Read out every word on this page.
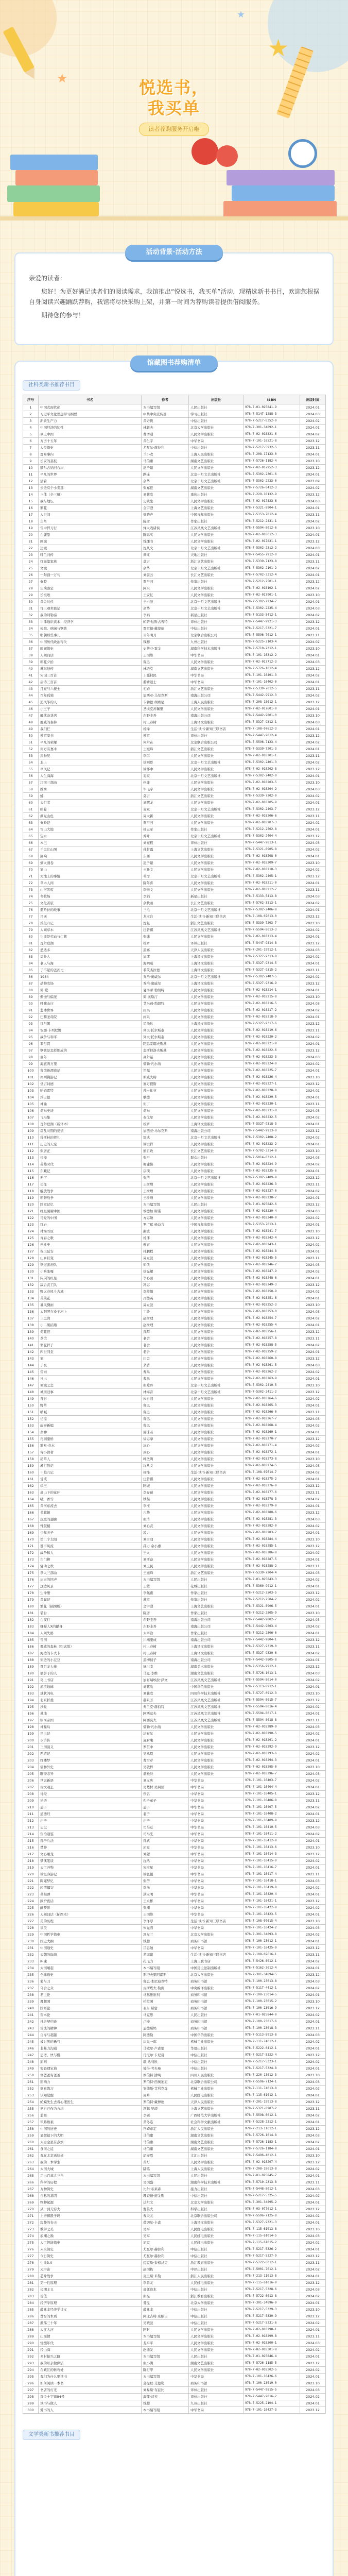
★
★
★
悦选书，
我买单
读者荐购服务开启啦
活动背景·活动方法

亲爱的读者：

您好！为更好满足读者们的阅读需求，我馆推出“悦选书，我买单”活动，现精选新书书目，欢迎您根据自身阅读兴趣踊跃荐购，我馆将尽快采购上架，并第一时间为荐购读者提供借阅服务。

期待您的参与！

馆藏图书荐购清单
社科类新书推荐书目
序号	书名	作者	出版社	ISBN	出版时间
1	中国式现代化	本书编写组	人民出版社	978-7-01-025841-9	2024.01
2	习近平文化思想学习纲要	中共中央宣传部	学习出版社	978-7-5147-1288-3	2024.03
3	新质生产力	黄奇帆	中信出版社	978-7-5217-6352-0	2024.02
4	中国经济的韧性	林毅夫	北京大学出版社	978-7-301-34892-1	2024.01
5	乡土中国	费孝通	人民文学出版社	978-7-02-018321-6	2024.02
6	万历十五年	黄仁宇	中华书局	978-7-101-16521-8	2023.12
7	人类简史	尤瓦尔·赫拉利	中信出版社	978-7-5217-5932-5	2023.11
8	置身事内	兰小欢	上海人民出版社	978-7-208-17133-0	2024.01
9	长安的荔枝	马伯庸	湖南文艺出版社	978-7-5726-1182-4	2023.10
10	额尔古纳河右岸	迟子建	人民文学出版社	978-7-02-017952-3	2023.12
11	平凡的世界	路遥	北京十月文艺出版社	978-7-5302-2301-6	2024.01
12	活着	余华	北京十月文艺出版社	978-7-5302-2233-0	2023.09
13	云边有个小卖部	张嘉佳	湖南文艺出版社	978-7-5726-0412-3	2024.02
14	三体（全三册）	刘慈欣	重庆出版社	978-7-229-18132-9	2023.12
15	我与地坛	史铁生	人民文学出版社	978-7-02-017823-6	2024.03
16	繁花	金宇澄	上海文艺出版社	978-7-5321-8904-1	2024.01
17	人世间	梁晓声	中国青年出版社	978-7-5153-7012-4	2023.11
18	主角	陈彦	作家出版社	978-7-5212-2431-1	2024.02
19	雪中悍刀行	烽火戏诸侯	江苏凤凰文艺出版社	978-7-5594-8012-6	2023.10
20	白鹿原	陈忠实	人民文学出版社	978-7-02-018012-3	2024.01
21	围城	钱锺书	人民文学出版社	978-7-02-017831-1	2023.12
22	边城	沈从文	北京十月文艺出版社	978-7-5302-2312-2	2024.03
23	呼兰河传	萧红	天地出版社	978-7-5455-7912-0	2024.01
24	红高粱家族	莫言	浙江文艺出版社	978-7-5339-7123-8	2023.11
25	文城	余华	北京十月文艺出版社	978-7-5302-2101-2	2024.02
26	一句顶一万句	刘震云	长江文艺出版社	978-7-5702-3312-4	2024.01
27	秦腔	贾平凹	作家出版社	978-7-5212-2501-1	2023.12
28	尘埃落定	阿来	人民文学出版社	978-7-02-018102-1	2024.02
29	长恨歌	王安忆	人民文学出版社	978-7-02-017901-1	2023.10
30	黄金时代	王小波	北京十月文艺出版社	978-7-5302-2234-7	2024.01
31	许三观卖血记	余华	北京十月文艺出版社	978-7-5302-2235-4	2024.03
32	我的阿勒泰	李娟	新星出版社	978-7-5133-5412-1	2024.02
33	牛津通识读本：经济学	帕萨·达斯古普特	译林出版社	978-7-5447-9921-3	2023.12
34	枪炮、病菌与钢铁	贾雷德·戴蒙德	中信出版社	978-7-5217-5321-7	2024.01
35	明朝那些事儿	当年明月	北京联合出版公司	978-7-5596-7012-1	2023.11
36	中国历代政治得失	钱穆	九州出版社	978-7-5225-2103-4	2024.02
37	时间简史	史蒂芬·霍金	湖南科学技术出版社	978-7-5710-2312-1	2023.10
38	人间词话	王国维	中华书局	978-7-101-16312-2	2024.01
39	朝花夕拾	鲁迅	人民文学出版社	978-7-02-017712-3	2024.03
40	苏东坡传	林语堂	湖南文艺出版社	978-7-5726-1012-4	2023.12
41	宋词三百首	上彊村民	中华书局	978-7-101-16401-3	2024.02
42	唐诗三百首	蘅塘退士	中华书局	978-7-101-16402-0	2024.01
43	月亮与六便士	毛姆	浙江文艺出版社	978-7-5339-7012-5	2023.11
44	百年孤独	加西亚·马尔克斯	南海出版公司	978-7-5442-9912-3	2024.02
45	追风筝的人	卡勒德·胡赛尼	上海人民出版社	978-7-208-18012-1	2023.12
46	小王子	圣埃克苏佩里	人民文学出版社	978-7-02-017601-0	2024.01
47	解忧杂货店	东野圭吾	南海出版公司	978-7-5442-9801-0	2023.10
48	挪威的森林	村上春树	上海译文出版社	978-7-5327-9312-1	2024.03
49	我们仨	杨绛	生活·读书·新知三联书店	978-7-108-07612-3	2024.01
50	傅雷家书	傅雷	译林出版社	978-7-5447-9812-4	2023.12
51	平凡的荣耀	何常在	北京联合出版公司	978-7-5596-7123-4	2024.02
52	南方有嘉木	王旭烽	浙江文艺出版社	978-7-5339-7201-3	2024.01
53	应物兄	李洱	人民文学出版社	978-7-02-018201-1	2023.11
54	北上	徐则臣	北京十月文艺出版社	978-7-5302-2401-3	2024.02
55	牵风记	徐怀中	人民文学出版社	978-7-02-018202-8	2023.12
56	人生海海	麦家	北京十月文艺出版社	978-7-5302-2402-0	2024.01
57	江南三部曲	格非	人民文学出版社	978-7-02-018203-5	2023.10
58	推拿	毕飞宇	人民文学出版社	978-7-02-018204-2	2024.03
59	蛙	莫言	浙江文艺出版社	978-7-5339-7202-0	2024.02
60	天行者	刘醒龙	人民文学出版社	978-7-02-018205-9	2024.01
61	暗算	麦家	北京十月文艺出版社	978-7-5302-2403-7	2023.12
62	湖光山色	周大新	人民文学出版社	978-7-02-018206-6	2023.11
63	秦岭记	贾平凹	人民文学出版社	978-7-02-018207-3	2024.02
64	雪山大地	杨志军	作家出版社	978-7-5212-2502-8	2024.01
65	宝水	乔叶	北京十月文艺出版社	978-7-5302-2404-4	2023.12
66	本巴	刘亮程	译林出版社	978-7-5447-9813-1	2024.03
67	千里江山图	孙甘露	上海文艺出版社	978-7-5321-8905-8	2024.02
68	回响	东西	人民文学出版社	978-7-02-018208-0	2024.01
69	烟火漫卷	迟子建	人民文学出版社	978-7-02-018209-7	2023.10
70	家山	王跃文	人民文学出版社	978-7-02-018210-3	2024.02
71	大地上的事情	苇岸	北京十月文艺出版社	978-7-5302-2405-1	2023.12
72	草木人间	陈年喜	人民文学出版社	978-7-02-018211-0	2024.01
73	山河袈裟	李修文	人民文学出版社	978-7-02-018212-7	2023.11
74	冬牧场	李娟	新星出版社	978-7-5133-5413-8	2024.03
75	文化苦旅	余秋雨	长江文艺出版社	978-7-5702-3313-1	2024.02
76	撒哈拉的故事	三毛	北京十月文艺出版社	978-7-5302-2406-8	2024.01
77	目送	龙应台	生活·读书·新知三联书店	978-7-108-07613-0	2023.12
78	浮生六记	沈复	浙江文艺出版社	978-7-5339-7203-7	2023.10
79	人间草木	汪曾祺	江苏凤凰文艺出版社	978-7-5594-8013-3	2024.02
80	生命是劳动与仁慈	张炜	人民文学出版社	978-7-02-018213-4	2024.01
81	瓦尔登湖	梭罗	译林出版社	978-7-5447-9814-8	2023.12
82	悉达多	黑塞	天津人民出版社	978-7-201-19912-1	2024.03
83	局外人	加缪	上海译文出版社	978-7-5327-9313-8	2024.02
84	老人与海	海明威	上海译文出版社	978-7-5327-9314-5	2024.01
85	了不起的盖茨比	菲茨杰拉德	上海译文出版社	978-7-5327-9315-2	2023.11
86	1984	乔治·奥威尔	北京十月文艺出版社	978-7-5302-2407-5	2024.02
87	动物农场	乔治·奥威尔	上海译文出版社	978-7-5327-9316-9	2023.12
88	简·爱	夏洛蒂·勃朗特	人民文学出版社	978-7-02-018214-1	2024.01
89	傲慢与偏见	简·奥斯汀	人民文学出版社	978-7-02-018215-8	2023.10
90	呼啸山庄	艾米莉·勃朗特	人民文学出版社	978-7-02-018216-5	2024.03
91	悲惨世界	雨果	人民文学出版社	978-7-02-018217-2	2024.02
92	巴黎圣母院	雨果	人民文学出版社	978-7-02-018218-9	2024.01
93	红与黑	司汤达	上海译文出版社	978-7-5327-9317-6	2023.12
94	安娜·卡列尼娜	列夫·托尔斯泰	人民文学出版社	978-7-02-018219-6	2023.11
95	战争与和平	列夫·托尔斯泰	人民文学出版社	978-7-02-018220-2	2024.02
96	罪与罚	陀思妥耶夫斯基	人民文学出版社	978-7-02-018221-9	2024.01
97	钢铁是怎样炼成的	奥斯特洛夫斯基	人民文学出版社	978-7-02-018222-6	2023.12
98	童年	高尔基	人民文学出版社	978-7-02-018223-3	2024.03
99	海底两万里	儒勒·凡尔纳	人民文学出版社	978-7-02-018224-0	2024.02
100	鲁滨逊漂流记	笛福	人民文学出版社	978-7-02-018225-7	2024.01
101	格列佛游记	斯威夫特	人民文学出版社	978-7-02-018226-4	2023.10
102	堂吉诃德	塞万提斯	人民文学出版社	978-7-02-018227-1	2023.12
103	哈姆雷特	莎士比亚	人民文学出版社	978-7-02-018228-8	2024.02
104	浮士德	歌德	人民文学出版社	978-7-02-018229-5	2024.01
105	神曲	但丁	人民文学出版社	978-7-02-018230-1	2023.11
106	荷马史诗	荷马	人民文学出版社	978-7-02-018231-8	2024.03
107	飞鸟集	泰戈尔	人民文学出版社	978-7-02-018232-5	2024.02
108	瓦尔登湖（新译本）	梭罗	上海译文出版社	978-7-5327-9318-3	2024.01
109	霍乱时期的爱情	加西亚·马尔克斯	南海出版公司	978-7-5442-9913-0	2023.12
110	穆斯林的葬礼	霍达	北京十月文艺出版社	978-7-5302-2408-2	2024.02
111	历史的天空	徐贵祥	人民文学出版社	978-7-02-018233-2	2024.01
112	张居正	熊召政	长江文艺出版社	978-7-5702-3314-8	2023.10
113	抉择	张平	群众出版社	978-7-5014-6312-1	2024.03
114	英雄时代	柳建伟	人民文学出版社	978-7-02-018234-9	2024.02
115	东藏记	宗璞	人民文学出版社	978-7-02-018235-6	2024.01
116	无字	张洁	北京十月文艺出版社	978-7-5302-2409-9	2023.12
117	长征	王树增	人民文学出版社	978-7-02-018236-3	2023.11
118	解放战争	王树增	人民文学出版社	978-7-02-018237-0	2024.02
119	朝鲜战争	王树增	人民文学出版社	978-7-02-018238-7	2024.01
120	国家记忆	本书编写组	人民出版社	978-7-01-025842-6	2023.12
121	红星照耀中国	埃德加·斯诺	人民文学出版社	978-7-02-018239-4	2024.03
122	可爱的中国	方志敏	人民文学出版社	978-7-02-018240-0	2024.02
123	红岩	罗广斌 杨益言	中国青年出版社	978-7-5153-7013-1	2024.01
124	林海雪原	曲波	人民文学出版社	978-7-02-018241-7	2023.10
125	青春之歌	杨沫	人民文学出版社	978-7-02-018242-4	2023.12
126	创业史	柳青	人民文学出版社	978-7-02-018243-1	2024.02
127	保卫延安	杜鹏程	人民文学出版社	978-7-02-018244-8	2024.01
128	山乡巨变	周立波	人民文学出版社	978-7-02-018245-5	2023.11
129	铁道游击队	知侠	人民文学出版社	978-7-02-018246-2	2024.03
130	小兵张嘎	徐光耀	人民文学出版社	978-7-02-018247-9	2024.02
131	闪闪的红星	李心田	人民文学出版社	978-7-02-018248-6	2024.01
132	敌后武工队	冯志	人民文学出版社	978-7-02-018249-3	2023.12
133	野火春风斗古城	李英儒	人民文学出版社	978-7-02-018250-9	2024.02
134	苦菜花	冯德英	人民文学出版社	978-7-02-018251-6	2024.01
135	暴风骤雨	周立波	人民文学出版社	978-7-02-018252-3	2023.10
136	太阳照在桑干河上	丁玲	人民文学出版社	978-7-02-018253-0	2024.03
137	三里湾	赵树理	人民文学出版社	978-7-02-018254-7	2024.02
138	小二黑结婚	赵树理	人民文学出版社	978-7-02-018255-4	2024.01
139	荷花淀	孙犁	人民文学出版社	978-7-02-018256-1	2023.12
140	茶馆	老舍	人民文学出版社	978-7-02-018257-8	2023.11
141	骆驼祥子	老舍	人民文学出版社	978-7-02-018258-5	2024.02
142	四世同堂	老舍	人民文学出版社	978-7-02-018259-2	2024.01
143	家	巴金	人民文学出版社	978-7-02-018260-8	2023.12
144	子夜	茅盾	人民文学出版社	978-7-02-018261-5	2024.03
145	雷雨	曹禺	人民文学出版社	978-7-02-018262-2	2024.02
146	日出	曹禺	人民文学出版社	978-7-02-018263-9	2024.01
147	倾城之恋	张爱玲	北京十月文艺出版社	978-7-5302-2410-5	2023.10
148	城南旧事	林海音	北京十月文艺出版社	978-7-5302-2411-2	2023.12
149	背影	朱自清	人民文学出版社	978-7-02-018264-6	2024.02
150	野草	鲁迅	人民文学出版社	978-7-02-018265-3	2024.01
151	呐喊	鲁迅	人民文学出版社	978-7-02-018266-0	2023.11
152	彷徨	鲁迅	人民文学出版社	978-7-02-018267-7	2024.03
153	故事新编	鲁迅	人民文学出版社	978-7-02-018268-4	2024.02
154	女神	郭沫若	人民文学出版社	978-7-02-018269-1	2024.01
155	再别康桥	徐志摩	人民文学出版社	978-7-02-018270-7	2023.12
156	繁星·春水	冰心	人民文学出版社	978-7-02-018271-4	2024.02
157	寄小读者	冰心	人民文学出版社	978-7-02-018272-1	2024.01
158	稻草人	叶圣陶	人民文学出版社	978-7-02-018273-8	2023.10
159	湘行散记	沈从文	人民文学出版社	978-7-02-018274-5	2024.03
160	干校六记	杨绛	生活·读书·新知三联书店	978-7-108-07614-7	2024.02
161	受戒	汪曾祺	人民文学出版社	978-7-02-018275-2	2024.01
162	棋王	阿城	人民文学出版社	978-7-02-018276-9	2023.12
163	高山下的花环	李存葆	人民文学出版社	978-7-02-018277-6	2023.11
164	哦，香雪	铁凝	人民文学出版社	978-7-02-018278-3	2024.02
165	黄河东流去	李准	人民文学出版社	978-7-02-018279-0	2024.01
166	芙蓉镇	古华	人民文学出版社	978-7-02-018280-6	2023.12
167	沉重的翅膀	张洁	人民文学出版社	978-7-02-018281-3	2024.03
168	钟鼓楼	刘心武	人民文学出版社	978-7-02-018282-0	2024.02
169	少年天子	凌力	人民文学出版社	978-7-02-018283-7	2024.01
170	第二个太阳	刘白羽	人民文学出版社	978-7-02-018284-4	2023.10
171	都市风流	孙力 余小惠	人民文学出版社	978-7-02-018285-1	2023.12
172	战争和人	王火	人民文学出版社	978-7-02-018286-8	2024.02
173	白门柳	刘斯奋	人民文学出版社	978-7-02-018287-5	2024.01
174	骚动之秋	刘玉民	人民文学出版社	978-7-02-018288-2	2023.11
175	茶人三部曲	王旭烽	浙江文艺出版社	978-7-5339-7204-4	2024.03
176	历史的回声	本书编写组	人民出版社	978-7-01-025843-3	2024.02
177	这边风景	王蒙	花城出版社	978-7-5360-9912-1	2024.01
178	生命册	李佩甫	作家出版社	978-7-5212-2503-5	2023.12
179	黄雀记	苏童	作家出版社	978-7-5212-2504-2	2024.02
180	繁花（插图版）	金宇澄	上海文艺出版社	978-7-5321-8906-5	2024.01
181	装台	陈彦	作家出版社	978-7-5212-2505-9	2023.10
182	白夜行	东野圭吾	南海出版公司	978-7-5442-9802-7	2024.03
183	嫌疑人X的献身	东野圭吾	南海出版公司	978-7-5442-9803-4	2024.02
184	人间失格	太宰治	作家出版社	978-7-5212-2506-6	2024.01
185	雪国	川端康成	南海出版公司	978-7-5442-9804-1	2023.12
186	挪威的森林（纪念版）	村上春树	上海译文出版社	978-7-5327-9319-0	2023.11
187	海边的卡夫卡	村上春树	上海译文出版社	978-7-5327-9320-6	2024.02
188	窗边的小豆豆	黑柳彻子	南海出版公司	978-7-5442-9805-8	2024.01
189	夏目友人帐	绿川幸	湖南美术出版社	978-7-5356-9912-1	2023.12
190	偷影子的人	马克·李维	湖南文艺出版社	978-7-5726-1013-1	2024.03
191	岛上书店	加布瑞埃拉·泽文	江苏凤凰文艺出版社	978-7-5594-8014-0	2024.02
192	流浪地球	刘慈欣	中国华侨出版社	978-7-5113-8912-1	2024.01
193	球状闪电	刘慈欣	四川科学技术出版社	978-7-5727-0912-3	2023.10
194	北京折叠	郝景芳	江苏凤凰文艺出版社	978-7-5594-8015-7	2023.12
195	沙丘	弗兰克·赫伯特	江苏凤凰文艺出版社	978-7-5594-8016-4	2024.02
196	基地	阿西莫夫	江苏凤凰文艺出版社	978-7-5594-8017-1	2024.01
197	银河帝国	阿西莫夫	江苏凤凰文艺出版社	978-7-5594-8018-8	2023.11
198	神秘岛	儒勒·凡尔纳	人民文学出版社	978-7-02-018289-9	2024.03
199	昆虫记	法布尔	人民文学出版社	978-7-02-018290-5	2024.02
200	水浒传	施耐庵	人民文学出版社	978-7-02-018291-2	2024.01
201	三国演义	罗贯中	人民文学出版社	978-7-02-018292-9	2023.12
202	西游记	吴承恩	人民文学出版社	978-7-02-018293-6	2024.02
203	红楼梦	曹雪芹	人民文学出版社	978-7-02-018294-3	2024.01
204	儒林外史	吴敬梓	人民文学出版社	978-7-02-018295-0	2023.10
205	聊斋志异	蒲松龄	人民文学出版社	978-7-02-018296-7	2024.03
206	世说新语	刘义庆	中华书局	978-7-101-16403-7	2024.02
207	古文观止	吴楚材 吴调侯	中华书局	978-7-101-16404-4	2024.01
208	诗经	佚名	中华书局	978-7-101-16405-1	2023.12
209	论语	孔子弟子	中华书局	978-7-101-16406-8	2023.11
210	孟子	孟子	中华书局	978-7-101-16407-5	2024.02
211	道德经	老子	中华书局	978-7-101-16408-2	2024.01
212	庄子	庄子	中华书局	978-7-101-16409-9	2023.12
213	史记	司马迁	中华书局	978-7-101-16410-5	2024.03
214	资治通鉴	司马光	中华书局	978-7-101-16411-2	2024.02
215	孙子兵法	孙武	中华书局	978-7-101-16412-9	2024.01
216	楚辞	屈原	中华书局	978-7-101-16413-6	2023.10
217	文心雕龙	刘勰	中华书局	978-7-101-16414-3	2023.12
218	梦溪笔谈	沈括	中华书局	978-7-101-16415-0	2024.02
219	天工开物	宋应星	中华书局	978-7-101-16416-7	2024.01
220	徐霞客游记	徐弘祖	中华书局	978-7-101-16417-4	2023.11
221	陶庵梦忆	张岱	中华书局	978-7-101-16418-1	2024.03
222	闲情偶寄	李渔	中华书局	978-7-101-16419-8	2024.02
223	菜根谭	洪应明	中华书局	978-7-101-16420-4	2024.01
224	围炉夜话	王永彬	中华书局	978-7-101-16421-1	2023.12
225	幽梦影	张潮	中华书局	978-7-101-16422-8	2024.02
226	人间词话（插图本）	王国维	中华书局	978-7-101-16423-5	2024.01
227	美的历程	李泽厚	生活·读书·新知三联书店	978-7-108-07615-4	2023.10
228	谈美	朱光潜	中华书局	978-7-101-16424-2	2024.03
229	中国哲学简史	冯友兰	北京大学出版社	978-7-301-34893-8	2024.02
230	国史大纲	钱穆	商务印书馆	978-7-100-23012-1	2024.01
231	中国通史	吕思勉	中华书局	978-7-101-16425-9	2023.12
232	天朝的崩溃	茅海建	生活·读书·新知三联书店	978-7-108-07616-1	2023.11
233	叫魂	孔飞力	上海三联书店	978-7-5426-8012-1	2024.02
234	大国崛起	本书编写组	中国民主法制出版社	978-7-5162-3012-4	2024.01
235	全球通史	斯塔夫里阿诺斯	北京大学出版社	978-7-301-34894-5	2023.12
236	菊与刀	鲁思·本尼迪克特	商务印书馆	978-7-100-23013-8	2024.03
237	乌合之众	古斯塔夫·勒庞	中央编译出版社	978-7-5117-4412-1	2024.02
238	君主论	马基雅维利	商务印书馆	978-7-100-23014-5	2024.01
239	理想国	柏拉图	商务印书馆	978-7-100-23015-2	2023.10
240	国富论	亚当·斯密	商务印书馆	978-7-100-23016-9	2023.12
241	资本论	马克思	人民出版社	978-7-01-025844-0	2024.02
242	社会契约论	卢梭	商务印书馆	978-7-100-23017-6	2024.01
243	论法的精神	孟德斯鸠	商务印书馆	978-7-100-23018-3	2023.11
244	自卑与超越	阿德勒	中国华侨出版社	978-7-5113-8913-8	2024.03
245	被讨厌的勇气	岸见一郎	机械工业出版社	978-7-111-74012-1	2024.02
246	非暴力沟通	马歇尔·卢森堡	华夏出版社	978-7-5222-0412-1	2024.01
247	思考，快与慢	丹尼尔·卡尼曼	中信出版社	978-7-5217-5322-4	2023.12
248	原则	瑞·达利欧	中信出版社	978-7-5217-5323-1	2024.02
249	穷查理宝典	彼得·考夫曼	中信出版社	978-7-5217-5324-8	2024.01
250	富爸爸穷爸爸	罗伯特·清崎	四川人民出版社	978-7-220-13012-3	2023.10
251	影响力	罗伯特·西奥迪尼	北京联合出版公司	978-7-5596-7124-1	2024.03
252	刻意练习	安德斯·艾利克森	机械工业出版社	978-7-111-74013-8	2024.02
253	认知觉醒	周岭	人民邮电出版社	978-7-115-61012-1	2024.01
254	蛤蟆先生去看心理医生	罗伯特·戴博德	天津人民出版社	978-7-201-19913-8	2023.12
255	把自己作为方法	项飙 吴琦	上海文艺出版社	978-7-5321-8907-2	2023.11
256	翦商	李硕	广西师范大学出版社	978-7-5598-6012-1	2024.02
257	筚路维艰	萧冬连	社会科学文献出版社	978-7-5228-2312-1	2024.01
258	中国的历史	宫崎市定	浙江人民出版社	978-7-213-11012-1	2023.12
259	显微镜下的大明	马伯庸	湖南文艺出版社	978-7-5726-1014-8	2024.03
260	太白金星有点烦	马伯庸	湖南文艺出版社	978-7-5726-1183-1	2024.02
261	食南之徒	马伯庸	湖南文艺出版社	978-7-5726-1184-8	2024.01
262	我在北京送快递	胡安焉	文汇出版社	978-7-5496-4012-1	2023.10
263	我的二本学生	黄灯	人民文学出版社	978-7-02-018297-4	2023.12
264	大国大城	陆铭	上海人民出版社	978-7-208-18013-8	2024.02
265	走出百慕大三角	本书编写组	人民出版社	978-7-01-025845-7	2024.01
266	科学的历程	吴国盛	湖南科学技术出版社	978-7-5710-2313-8	2023.11
267	万物简史	比尔·布莱森	接力出版社	978-7-5448-8012-1	2024.03
268	自私的基因	理查德·道金斯	中信出版社	978-7-5217-5325-5	2024.02
269	物种起源	达尔文	北京大学出版社	978-7-301-34895-2	2024.01
270	从一到无穷大	伽莫夫	科学出版社	978-7-03-077012-1	2023.12
271	上帝掷骰子吗	曹天元	北京联合出版公司	978-7-5596-7125-8	2024.02
272	寂静的春天	蕾切尔·卡森	上海译文出版社	978-7-5327-9321-3	2024.01
273	数学之美	吴军	人民邮电出版社	978-7-115-61013-8	2023.10
274	浪潮之巅	吴军	人民邮电出版社	978-7-115-61014-5	2024.03
275	人工智能简史	尼克	人民邮电出版社	978-7-115-61015-2	2024.02
276	未来简史	尤瓦尔·赫拉利	中信出版社	978-7-5217-5326-2	2024.01
277	今日简史	尤瓦尔·赫拉利	中信出版社	978-7-5217-5327-9	2023.12
278	生命3.0	迈克斯·泰格马克	浙江教育出版社	978-7-5722-6012-1	2023.11
279	元宇宙	赵国栋	中译出版社	978-7-5001-7012-1	2024.02
280	芯片战争	克里斯·米勒	浙江人民出版社	978-7-213-11013-8	2024.01
281	第一性原理	李善友	人民邮电出版社	978-7-115-61016-9	2023.12
282	长期主义	高瓴资本	中信出版社	978-7-5217-5328-6	2024.03
283	价值	张磊	浙江教育出版社	978-7-5722-6013-8	2024.02
284	经济学原理	曼昆	北京大学出版社	978-7-301-34896-9	2024.01
285	薛兆丰经济学讲义	薛兆丰	中信出版社	978-7-5217-5329-3	2023.10
286	贫穷的本质	阿比吉特·班纳吉	中信出版社	978-7-5217-5330-9	2023.12
287	激荡三十年	吴晓波	中信出版社	978-7-5217-5331-6	2024.02
288	大江大河	阿耐	人民文学出版社	978-7-02-018298-1	2024.01
289	山海情	本书编写组	人民文学出版社	978-7-02-018299-8	2023.11
290	觉醒年代	龙平平	人民文学出版社	978-7-02-018300-1	2024.03
291	经山海	赵德发	人民文学出版社	978-7-02-018301-8	2024.02
292	乡村振兴之路	本书编写组	人民出版社	978-7-01-025846-4	2024.01
293	我的母亲做保洁	张小满	湖南文艺出版社	978-7-5726-1185-5	2023.12
294	在峡江的转弯处	陈行甲	人民文学出版社	978-7-02-018302-5	2024.02
295	我们为什么要读书	本书编写组	中华书局	978-7-101-16426-6	2024.01
296	如何阅读一本书	莫提默·艾德勒	商务印书馆	978-7-100-23019-0	2023.10
297	书店的灯光	刘易斯·布兹比	译林出版社	978-7-5447-9815-5	2024.03
298	查令十字街84号	海莲·汉芙	译林出版社	978-7-5447-9816-2	2024.02
299	读书与做人	钱穆	九州出版社	978-7-5225-2104-1	2024.01
300	爱书的人	本书编写组	中华书局	978-7-101-16427-3	2023.12
文学类新书推荐书目
